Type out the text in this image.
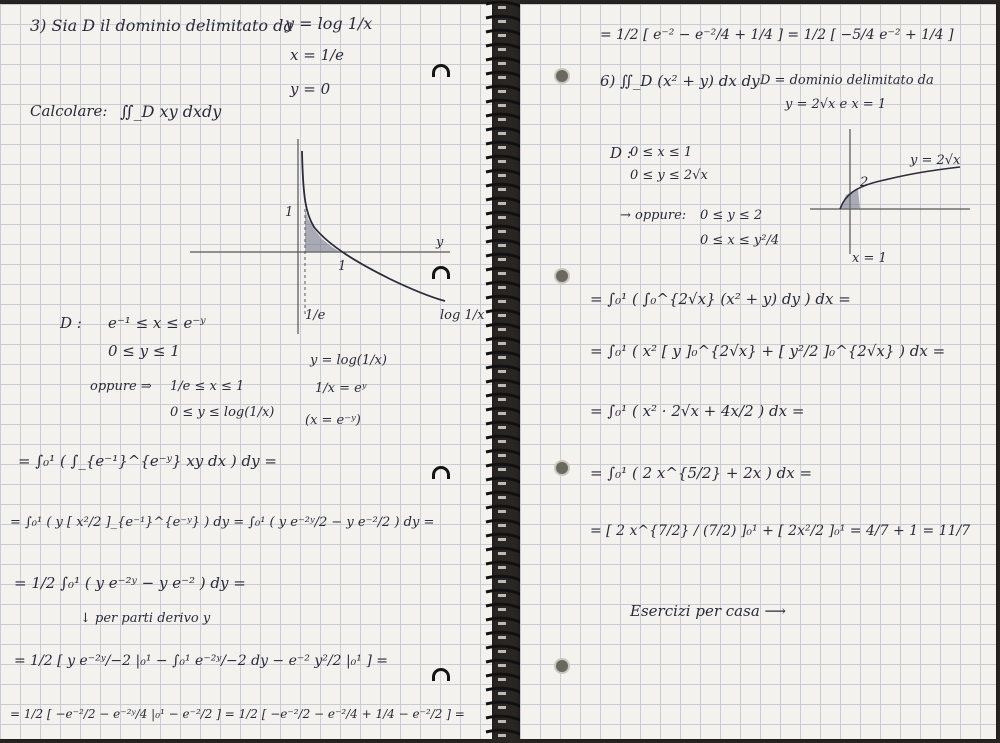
3) Sia D il dominio delimitato da
y = log 1/x
x = 1/e
y = 0
Calcolare: ∬_D xy dxdy
1
1
y
1/e	log 1/x
D : e⁻¹ ≤ x ≤ e⁻ʸ
0 ≤ y ≤ 1
y = log(1/x)
1/x = eʸ
(x = e⁻ʸ)
oppure ⇒ 1/e ≤ x ≤ 1
0 ≤ y ≤ log(1/x)
= ∫₀¹ ( ∫_{e⁻¹}^{e⁻ʸ} xy dx ) dy =
= ∫₀¹ ( y [ x²/2 ]_{e⁻¹}^{e⁻ʸ} ) dy = ∫₀¹ ( y e⁻²ʸ/2 − y e⁻²/2 ) dy =
= 1/2 ∫₀¹ ( y e⁻²ʸ − y e⁻² ) dy =
↓ per parti derivo y
= 1/2 [ y e⁻²ʸ/−2 |₀¹ − ∫₀¹ e⁻²ʸ/−2 dy − e⁻² y²/2 |₀¹ ] =
= 1/2 [ −e⁻²/2 − e⁻²ʸ/4 |₀¹ − e⁻²/2 ] = 1/2 [ −e⁻²/2 − e⁻²/4 + 1/4 − e⁻²/2 ] =
= 1/2 [ e⁻² − e⁻²/4 + 1/4 ] = 1/2 [ −5/4 e⁻² + 1/4 ]
6) ∬_D (x² + y) dx dy D = dominio delimitato da
y = 2√x e x = 1
D :
0 ≤ x ≤ 1
0 ≤ y ≤ 2√x
→ oppure: 0 ≤ y ≤ 2
0 ≤ x ≤ y²/4
y = 2√x
2
x = 1
= ∫₀¹ ( ∫₀^{2√x} (x² + y) dy ) dx =
= ∫₀¹ ( x² [ y ]₀^{2√x} + [ y²/2 ]₀^{2√x} ) dx =
= ∫₀¹ ( x² · 2√x + 4x/2 ) dx =
= ∫₀¹ ( 2 x^{5/2} + 2x ) dx =
= [ 2 x^{7/2} / (7/2) ]₀¹ + [ 2x²/2 ]₀¹ = 4/7 + 1 = 11/7
Esercizi per casa ⟶
